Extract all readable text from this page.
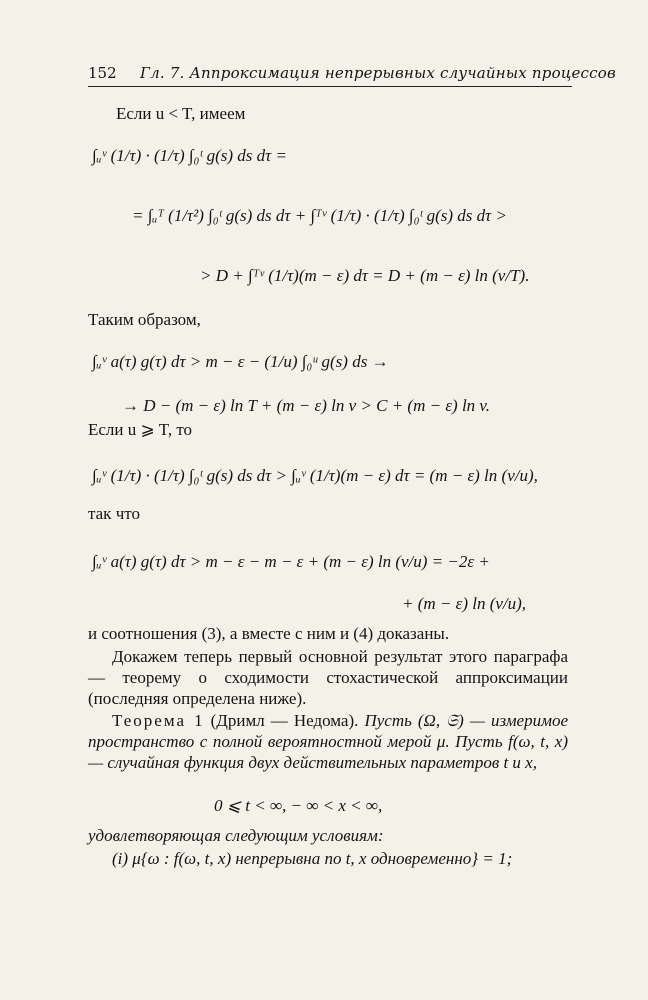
152 Гл. 7. Аппроксимация непрерывных случайных процессов
Если u < T, имеем
∫ᵤᵛ (1/τ) · (1/τ) ∫₀ᵗ g(s) ds dτ =
= ∫ᵤᵀ (1/τ²) ∫₀ᵗ g(s) ds dτ + ∫ᵀᵛ (1/τ) · (1/τ) ∫₀ᵗ g(s) ds dτ >
> D + ∫ᵀᵛ (1/τ)(m − ε) dτ = D + (m − ε) ln (v/T).
Таким образом,
∫ᵤᵛ a(τ) g(τ) dτ > m − ε − (1/u) ∫₀ᵘ g(s) ds →
→ D − (m − ε) ln T + (m − ε) ln v > C + (m − ε) ln v.
Если u ⩾ T, то
∫ᵤᵛ (1/τ) · (1/τ) ∫₀ᵗ g(s) ds dτ > ∫ᵤᵛ (1/τ)(m − ε) dτ = (m − ε) ln (v/u),
так что
∫ᵤᵛ a(τ) g(τ) dτ > m − ε − m − ε + (m − ε) ln (v/u) = −2ε +
+ (m − ε) ln (v/u),
и соотношения (3), а вместе с ним и (4) доказаны.
Докажем теперь первый основной результат этого параграфа — теорему о сходимости стохастической аппроксимации (последняя определена ниже).
Теорема 1 (Дримл — Недома). Пусть (Ω, 𝔖) — измеримое пространство с полной вероятностной мерой μ. Пусть f(ω, t, x) — случайная функция двух действительных параметров t и x,
0 ⩽ t < ∞, − ∞ < x < ∞,
удовлетворяющая следующим условиям:
(i) μ{ω : f(ω, t, x) непрерывна по t, x одновременно} = 1;
